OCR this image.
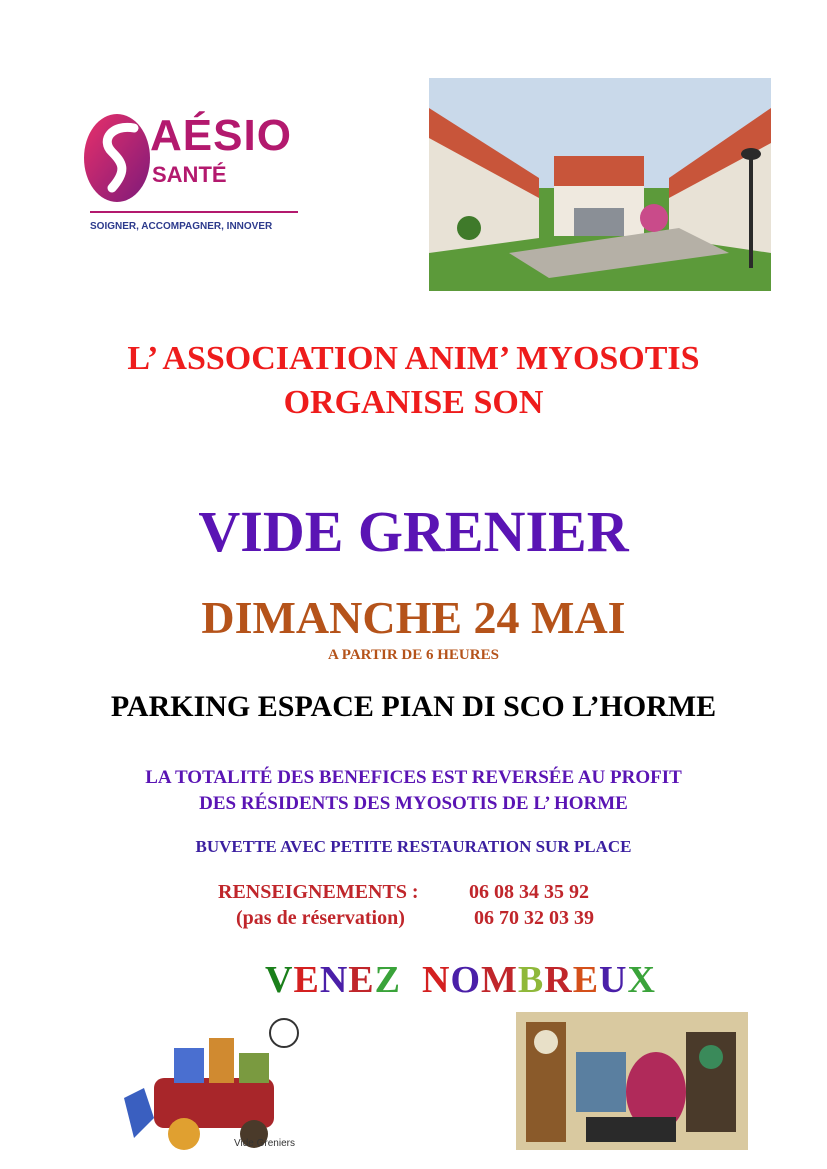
AÉSIO
SANTÉ
SOIGNER, ACCOMPAGNER, INNOVER
L’ ASSOCIATION ANIM’ MYOSOTIS
ORGANISE SON
VIDE GRENIER
DIMANCHE 24 MAI
A PARTIR DE 6 HEURES
PARKING ESPACE PIAN DI SCO L’HORME
LA TOTALITÉ DES BENEFICES EST REVERSÉE AU PROFIT
DES RÉSIDENTS DES MYOSOTIS DE L’ HORME
BUVETTE AVEC PETITE RESTAURATION SUR PLACE
RENSEIGNEMENTS :	06 08 34 35 92
(pas de réservation)	06 70 32 03 39
VENEZ NOMBREUX
Vide Greniers
